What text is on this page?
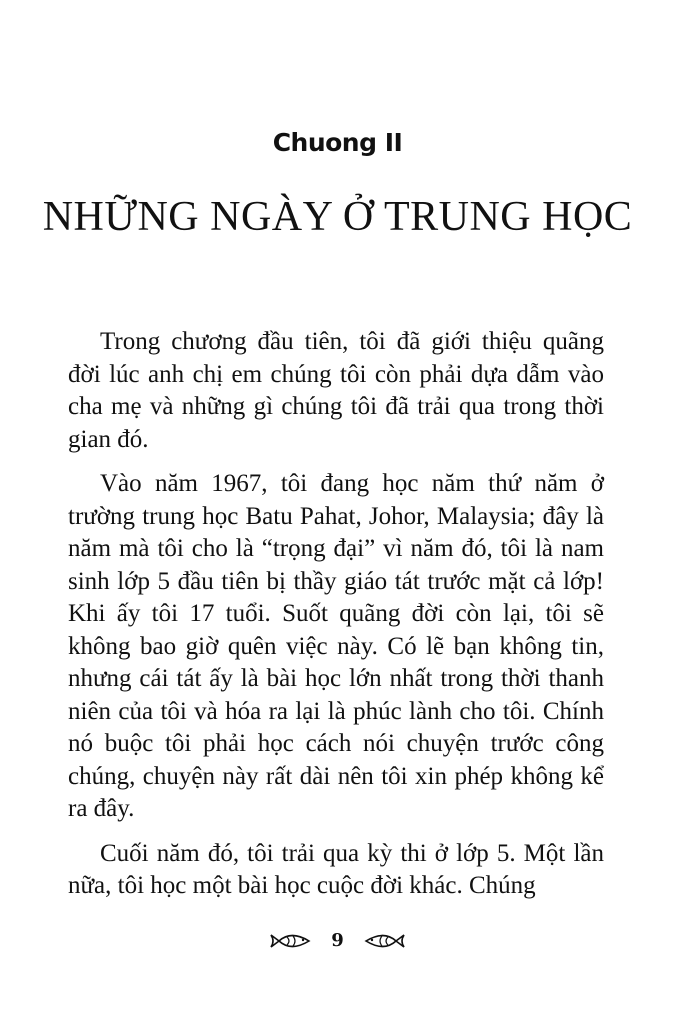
Chuong II
NHỮNG NGÀY Ở TRUNG HỌC

Trong chương đầu tiên, tôi đã giới thiệu quãng đời lúc anh chị em chúng tôi còn phải dựa dẫm vào cha mẹ và những gì chúng tôi đã trải qua trong thời gian đó.

Vào năm 1967, tôi đang học năm thứ năm ở trường trung học Batu Pahat, Johor, Malaysia; đây là năm mà tôi cho là “trọng đại” vì năm đó, tôi là nam sinh lớp 5 đầu tiên bị thầy giáo tát trước mặt cả lớp! Khi ấy tôi 17 tuổi. Suốt quãng đời còn lại, tôi sẽ không bao giờ quên việc này. Có lẽ bạn không tin, nhưng cái tát ấy là bài học lớn nhất trong thời thanh niên của tôi và hóa ra lại là phúc lành cho tôi. Chính nó buộc tôi phải học cách nói chuyện trước công chúng, chuyện này rất dài nên tôi xin phép không kể ra đây.

Cuối năm đó, tôi trải qua kỳ thi ở lớp 5. Một lần nữa, tôi học một bài học cuộc đời khác. Chúng

9
